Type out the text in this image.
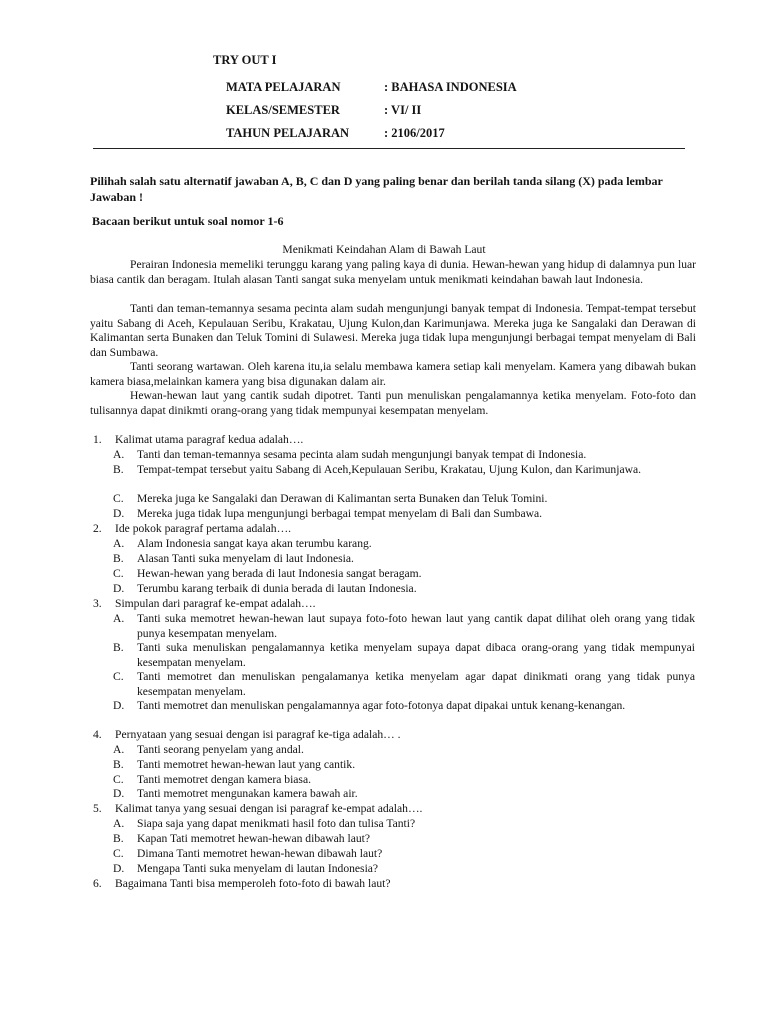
TRY OUT I
MATA PELAJARAN	: BAHASA INDONESIA
KELAS/SEMESTER	: VI/ II
TAHUN PELAJARAN	: 2106/2017
Pilihah salah satu alternatif jawaban A, B, C dan D yang paling benar dan berilah tanda silang (X) pada lembar Jawaban !
Bacaan berikut untuk soal nomor 1-6
Menikmati Keindahan Alam di Bawah Laut
Perairan Indonesia memeliki terunggu karang yang paling kaya di dunia. Hewan-hewan yang hidup di dalamnya pun luar biasa cantik dan beragam. Itulah alasan Tanti sangat suka menyelam untuk menikmati keindahan bawah laut Indonesia.
Tanti dan teman-temannya sesama pecinta alam sudah mengunjungi banyak tempat di Indonesia. Tempat-tempat tersebut yaitu Sabang di Aceh, Kepulauan Seribu, Krakatau, Ujung Kulon,dan Karimunjawa. Mereka juga ke Sangalaki dan Derawan di Kalimantan serta Bunaken dan Teluk Tomini di Sulawesi. Mereka juga tidak lupa mengunjungi berbagai tempat menyelam di Bali dan Sumbawa.
Tanti seorang wartawan. Oleh karena itu,ia selalu membawa kamera setiap kali menyelam. Kamera yang dibawah bukan kamera biasa,melainkan kamera yang bisa digunakan dalam air.
Hewan-hewan laut yang cantik sudah dipotret. Tanti pun menuliskan pengalamannya ketika menyelam. Foto-foto dan tulisannya dapat dinikmti orang-orang yang tidak mempunyai kesempatan menyelam.
1. Kalimat utama paragraf kedua adalah….
A. Tanti dan teman-temannya sesama pecinta alam sudah mengunjungi banyak tempat di Indonesia.
B. Tempat-tempat tersebut yaitu Sabang di Aceh,Kepulauan Seribu, Krakatau, Ujung Kulon, dan Karimunjawa.
C. Mereka juga ke Sangalaki dan Derawan di Kalimantan serta Bunaken dan Teluk Tomini.
D. Mereka juga tidak lupa mengunjungi berbagai tempat menyelam di Bali dan Sumbawa.
2. Ide pokok paragraf pertama adalah….
A. Alam Indonesia sangat kaya akan terumbu karang.
B. Alasan Tanti suka menyelam di laut Indonesia.
C. Hewan-hewan yang berada di laut Indonesia sangat beragam.
D. Terumbu karang terbaik di dunia berada di lautan Indonesia.
3. Simpulan dari paragraf ke-empat adalah….
A. Tanti suka memotret hewan-hewan laut supaya foto-foto hewan laut yang cantik dapat dilihat oleh orang yang tidak punya kesempatan menyelam.
B. Tanti suka menuliskan pengalamannya ketika menyelam supaya dapat dibaca orang-orang yang tidak mempunyai kesempatan menyelam.
C. Tanti memotret dan menuliskan pengalamanya ketika menyelam agar dapat dinikmati orang yang tidak punya kesempatan menyelam.
D. Tanti memotret dan menuliskan pengalamannya agar foto-fotonya dapat dipakai untuk kenang-kenangan.
4. Pernyataan yang sesuai dengan isi paragraf ke-tiga adalah… .
A. Tanti seorang penyelam yang andal.
B. Tanti memotret hewan-hewan laut yang cantik.
C. Tanti memotret dengan kamera biasa.
D. Tanti memotret mengunakan kamera bawah air.
5. Kalimat tanya yang sesuai dengan isi paragraf ke-empat adalah….
A. Siapa saja yang dapat menikmati hasil foto dan tulisa Tanti?
B. Kapan Tati memotret hewan-hewan dibawah laut?
C. Dimana Tanti memotret hewan-hewan dibawah laut?
D. Mengapa Tanti suka menyelam di lautan Indonesia?
6. Bagaimana Tanti bisa memperoleh foto-foto di bawah laut?
